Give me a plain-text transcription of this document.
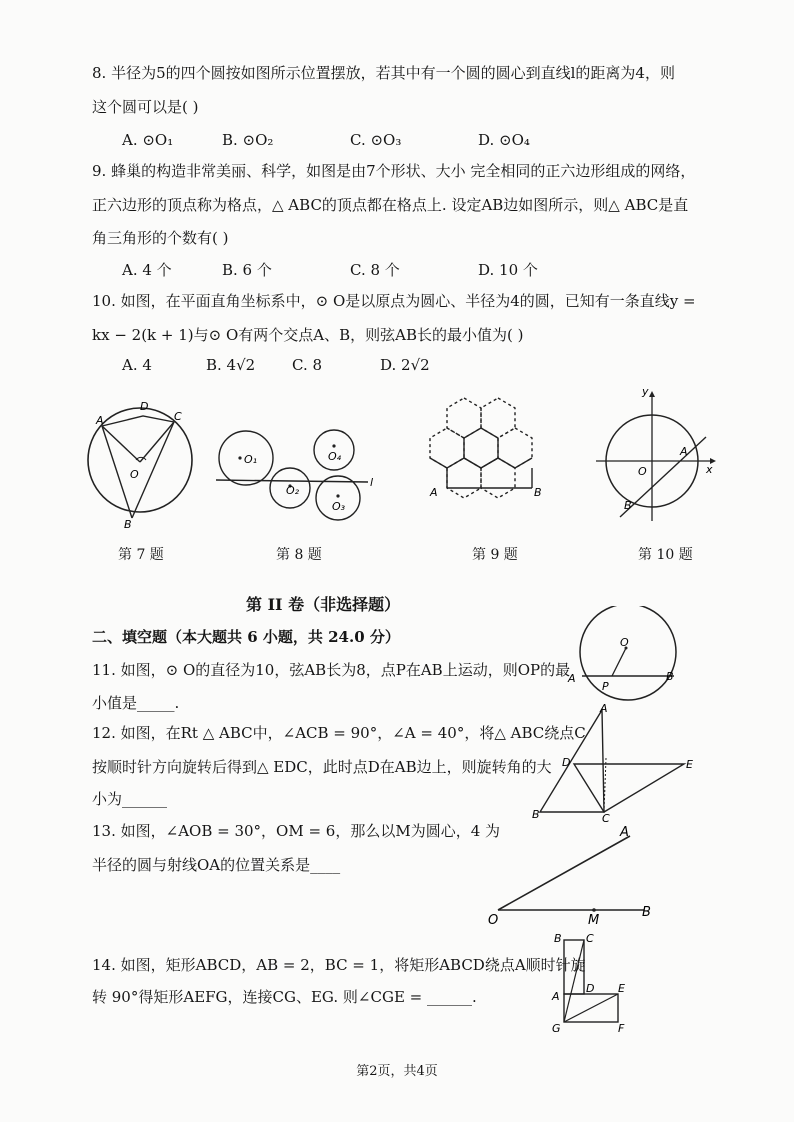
8. 半径为5的四个圆按如图所示位置摆放，若其中有一个圆的圆心到直线l的距离为4，则
这个圆可以是( )
A. ⊙O₁	B. ⊙O₂	C. ⊙O₃	D. ⊙O₄
9. 蜂巢的构造非常美丽、科学，如图是由7个形状、大小 完全相同的正六边形组成的网络，
正六边形的顶点称为格点，△ ABC的顶点都在格点上. 设定AB边如图所示，则△ ABC是直
角三角形的个数有( )
A. 4 个	B. 6 个	C. 8 个	D. 10 个
10. 如图，在平面直角坐标系中，⊙ O是以原点为圆心、半径为4的圆，已知有一条直线y =
kx − 2(k + 1)与⊙ O有两个交点A、B，则弦AB长的最小值为( )
A. 4	B. 4√2 C. 8	D. 2√2
A
D
C
O
B
第 7 题
O₁
O₂
O₄
O₃
l
第 8 题
A	B
第 9 题
y
A
O	x
B
第 10 题
第 II 卷（非选择题）
二、填空题（本大题共 6 小题，共 24.0 分）	O
A
P
B
11. 如图，⊙ O的直径为10，弦AB长为8，点P在AB上运动，则OP的最
小值是_____.	A
D	E
B	C
12. 如图，在Rt △ ABC中，∠ACB = 90°，∠A = 40°，将△ ABC绕点C
按顺时针方向旋转后得到△ EDC，此时点D在AB边上，则旋转角的大
小为______
13. 如图，∠AOB = 30°，OM = 6，那么以M为圆心，4 为
半径的圆与射线OA的位置关系是____
A
O	M
B
B C
A
D E
G	F
14. 如图，矩形ABCD，AB = 2，BC = 1，将矩形ABCD绕点A顺时针旋
转 90°得矩形AEFG，连接CG、EG. 则∠CGE = ______.
第2页，共4页
